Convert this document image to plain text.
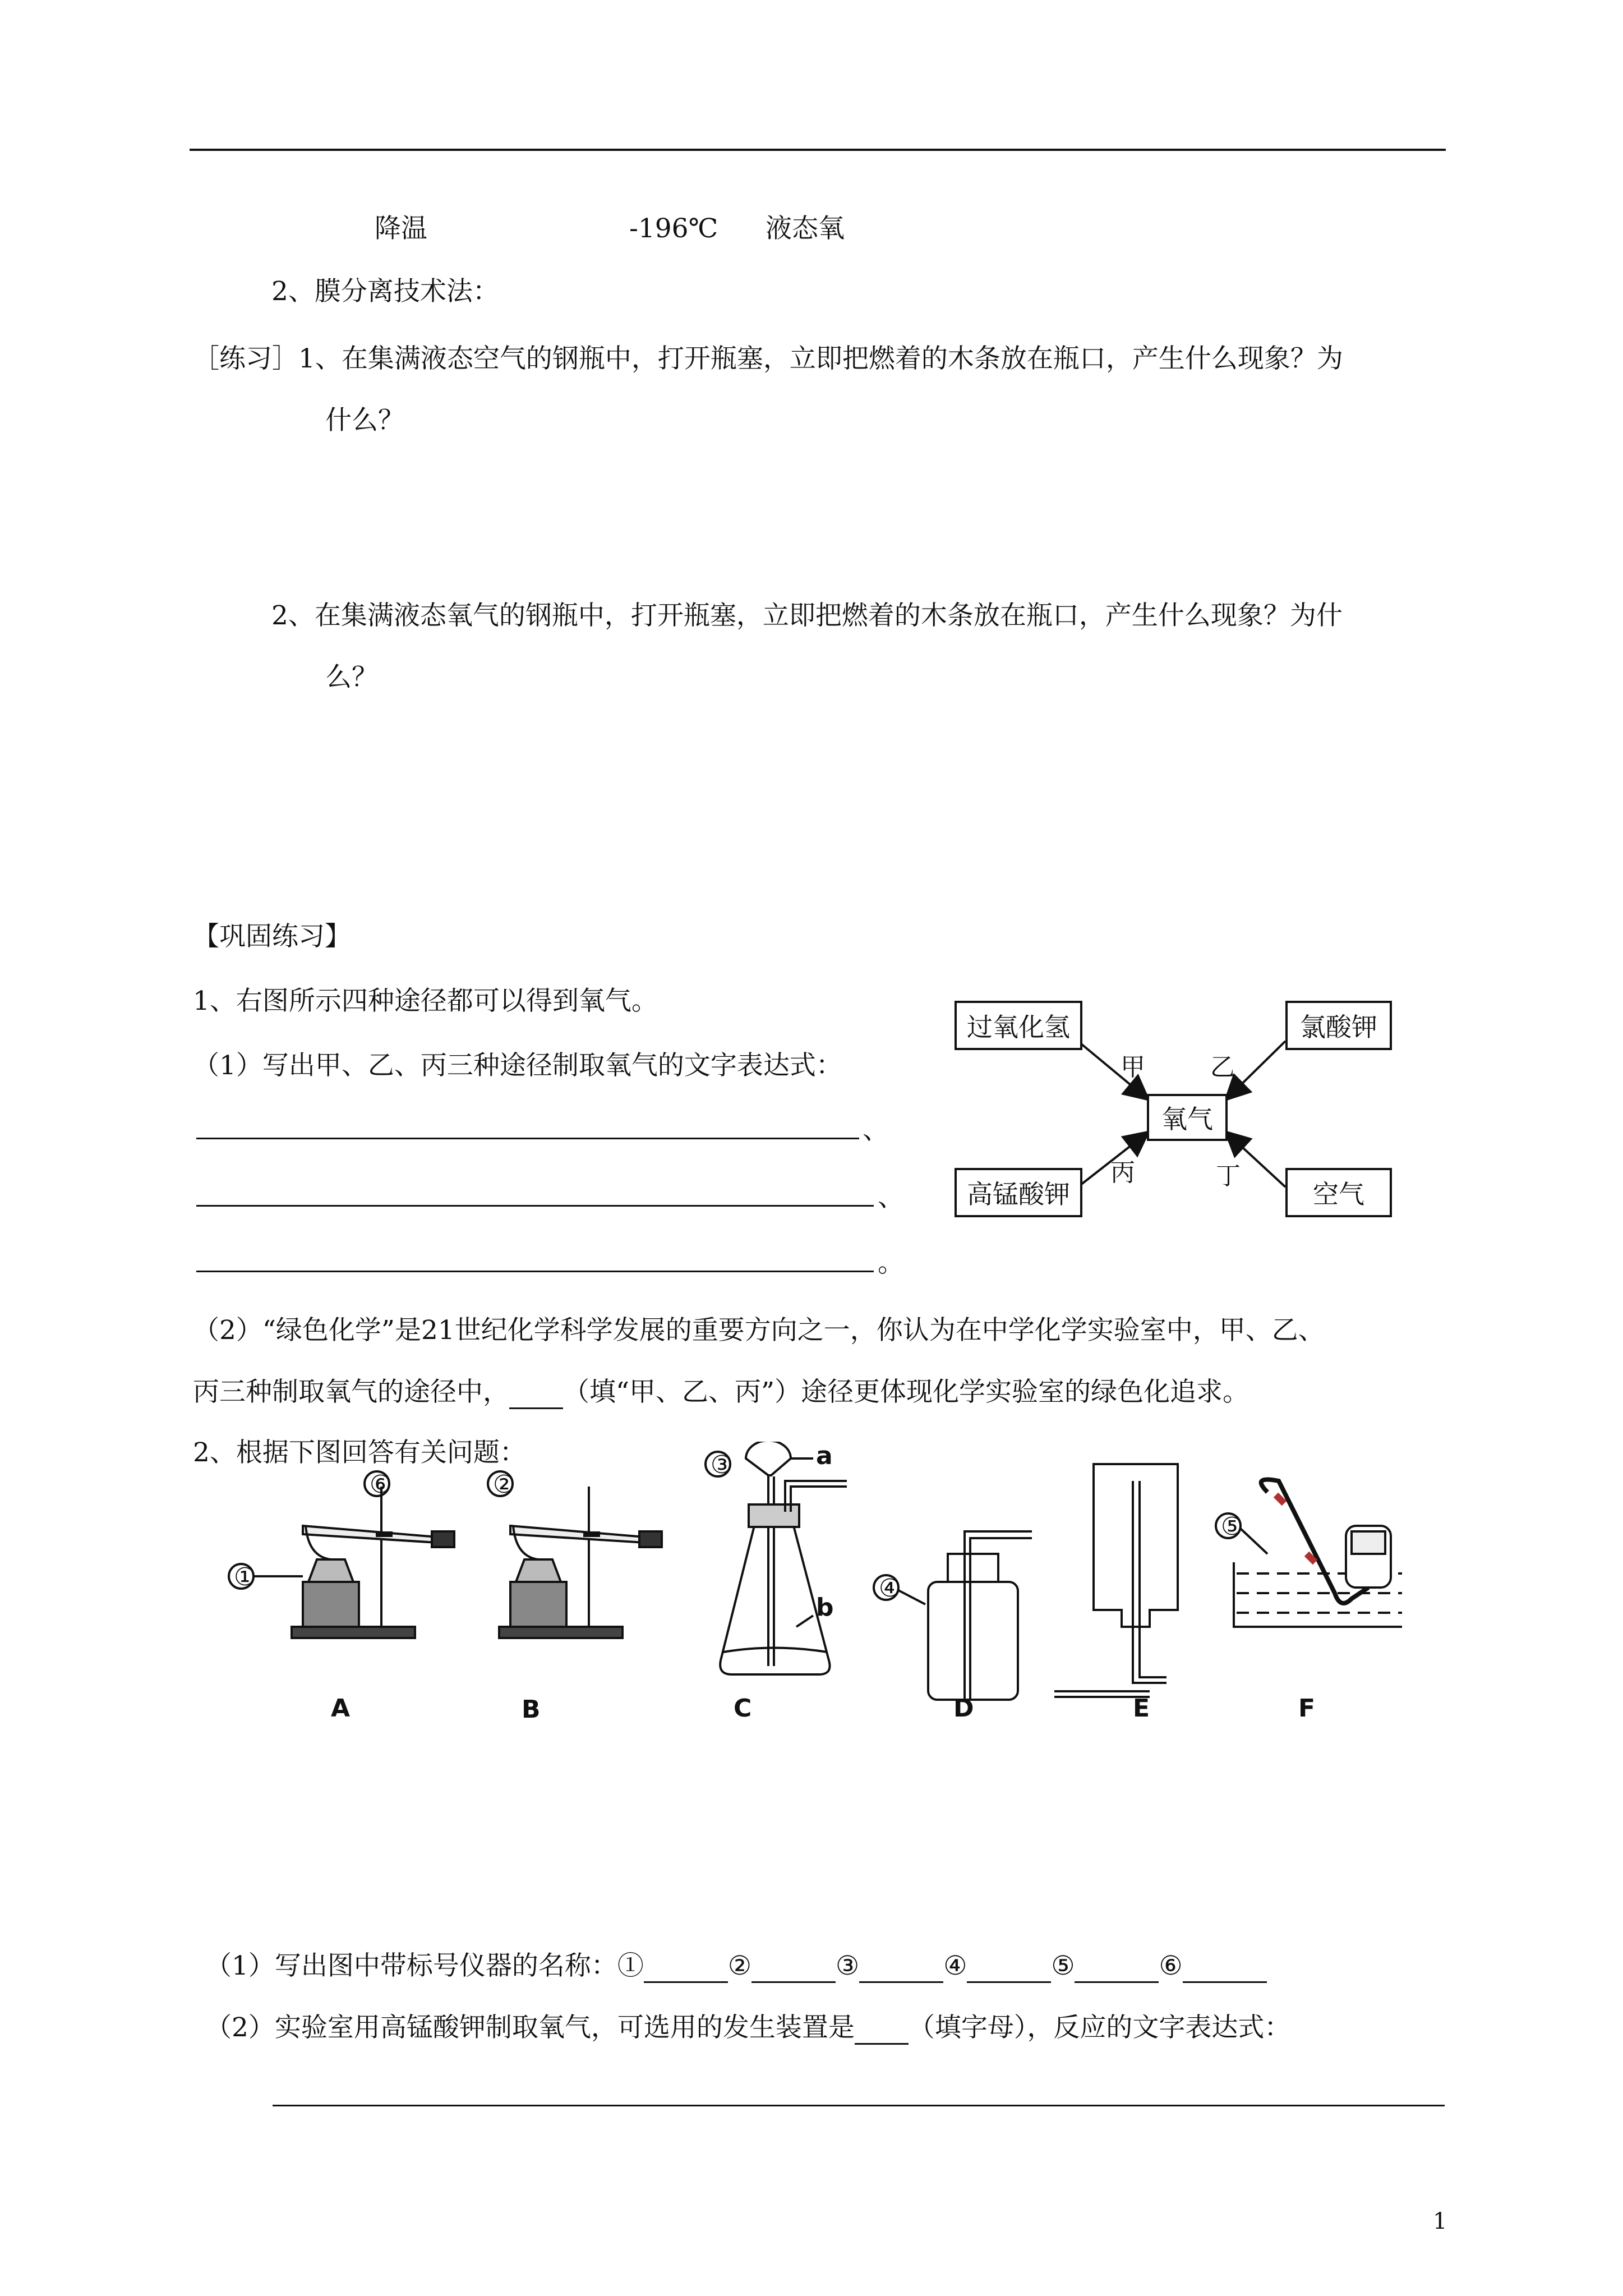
降温	-196℃ 液态氧
2、膜分离技术法：
［练习］1、在集满液态空气的钢瓶中，打开瓶塞，立即把燃着的木条放在瓶口，产生什么现象？为
什么？
2、在集满液态氧气的钢瓶中，打开瓶塞，立即把燃着的木条放在瓶口，产生什么现象？为什
么？
【巩固练习】
1、右图所示四种途径都可以得到氧气。
（1）写出甲、乙、丙三种途径制取氧气的文字表达式：
、
、
。
过氧化氢	氯酸钾
氧气
高锰酸钾	空气
甲	乙
丙	丁
（2）“绿色化学”是21世纪化学科学发展的重要方向之一，你认为在中学化学实验室中，甲、乙、
丙三种制取氧气的途径中， （填“甲、乙、丙”）途径更体现化学实验室的绿色化追求。
2、根据下图回答有关问题：
①
⑥	②
③
④
⑤
a
b
A	B	C	D	E	F
（1）写出图中带标号仪器的名称：①	②	③	④	⑤	⑥
（2）实验室用高锰酸钾制取氧气，可选用的发生装置是 （填字母），反应的文字表达式：
1
